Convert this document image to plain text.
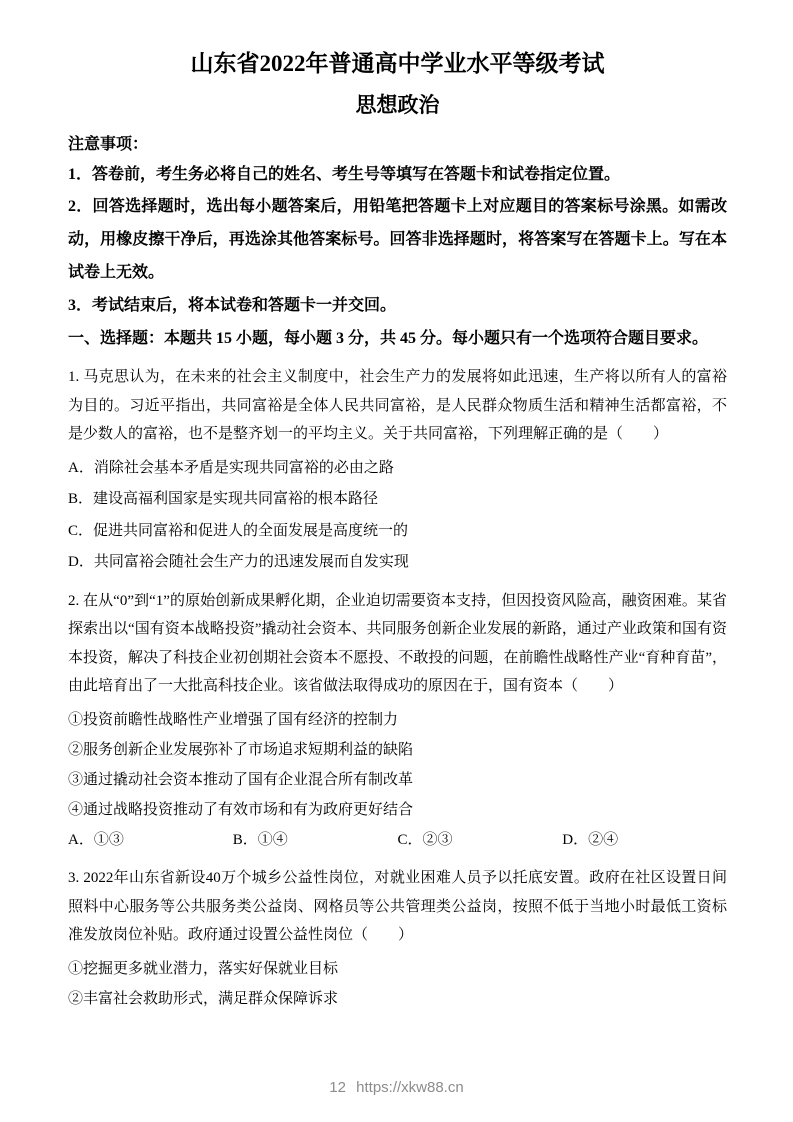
山东省2022年普通高中学业水平等级考试
思想政治
注意事项：

1．答卷前，考生务必将自己的姓名、考生号等填写在答题卡和试卷指定位置。

2．回答选择题时，选出每小题答案后，用铅笔把答题卡上对应题目的答案标号涂黑。如需改动，用橡皮擦干净后，再选涂其他答案标号。回答非选择题时，将答案写在答题卡上。写在本试卷上无效。

3．考试结束后，将本试卷和答题卡一并交回。

一、选择题：本题共 15 小题，每小题 3 分，共 45 分。每小题只有一个选项符合题目要求。

1. 马克思认为，在未来的社会主义制度中，社会生产力的发展将如此迅速，生产将以所有人的富裕为目的。习近平指出，共同富裕是全体人民共同富裕，是人民群众物质生活和精神生活都富裕，不是少数人的富裕，也不是整齐划一的平均主义。关于共同富裕，下列理解正确的是（　　）

A．消除社会基本矛盾是实现共同富裕的必由之路

B．建设高福利国家是实现共同富裕的根本路径

C．促进共同富裕和促进人的全面发展是高度统一的

D．共同富裕会随社会生产力的迅速发展而自发实现

2. 在从“0”到“1”的原始创新成果孵化期，企业迫切需要资本支持，但因投资风险高，融资困难。某省探索出以“国有资本战略投资”撬动社会资本、共同服务创新企业发展的新路，通过产业政策和国有资本投资，解决了科技企业初创期社会资本不愿投、不敢投的问题，在前瞻性战略性产业“育种育苗”，由此培育出了一大批高科技企业。该省做法取得成功的原因在于，国有资本（　　）

①投资前瞻性战略性产业增强了国有经济的控制力

②服务创新企业发展弥补了市场追求短期利益的缺陷

③通过撬动社会资本推动了国有企业混合所有制改革

④通过战略投资推动了有效市场和有为政府更好结合

A．①③	B．①④	C．②③	D．②④

3. 2022年山东省新设40万个城乡公益性岗位，对就业困难人员予以托底安置。政府在社区设置日间照料中心服务等公共服务类公益岗、网格员等公共管理类公益岗，按照不低于当地小时最低工资标准发放岗位补贴。政府通过设置公益性岗位（　　）

①挖掘更多就业潜力，落实好保就业目标

②丰富社会救助形式，满足群众保障诉求

12 https://xkw88.cn
